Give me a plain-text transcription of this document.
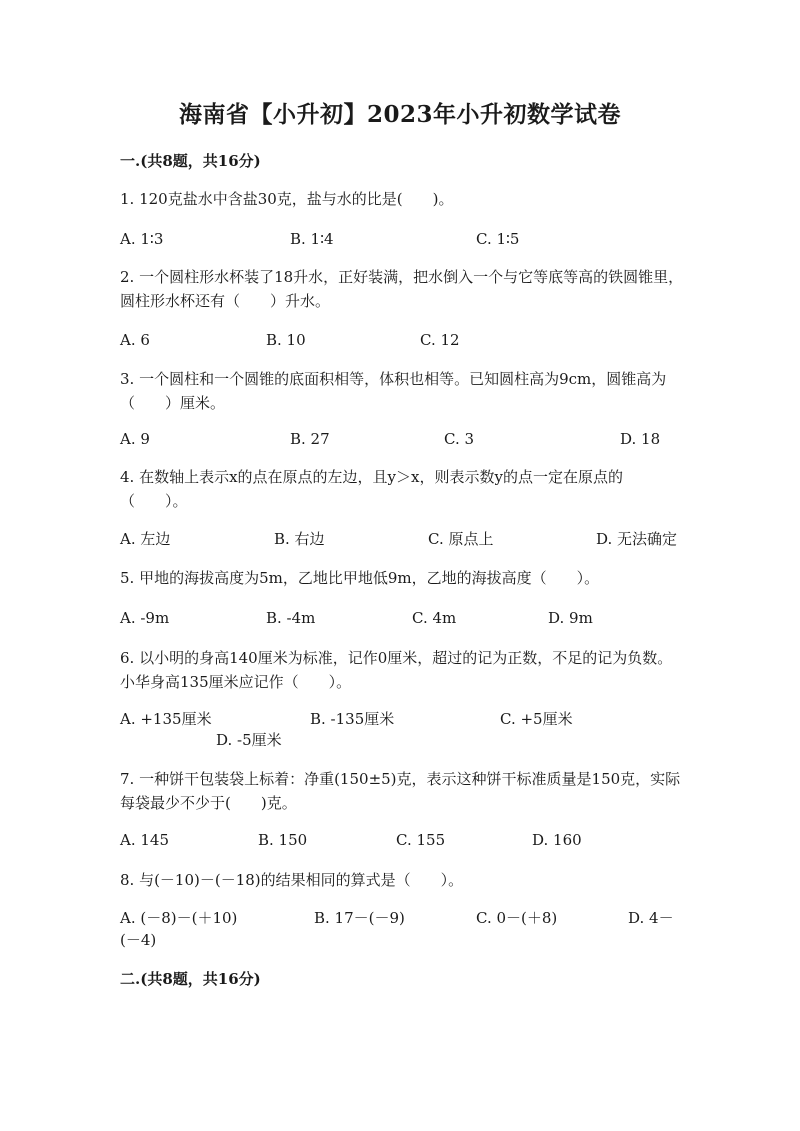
海南省【小升初】2023年小升初数学试卷
一.(共8题，共16分)
1. 120克盐水中含盐30克，盐与水的比是(　　)。
A. 1∶3	B. 1∶4	C. 1∶5
2. 一个圆柱形水杯装了18升水，正好装满，把水倒入一个与它等底等高的铁圆锥里，圆柱形水杯还有（　　）升水。
A. 6	B. 10	C. 12
3. 一个圆柱和一个圆锥的底面积相等，体积也相等。已知圆柱高为9cm，圆锥高为（　　）厘米。
A. 9	B. 27	C. 3	D. 18
4. 在数轴上表示x的点在原点的左边，且y＞x，则表示数y的点一定在原点的（　　）。
A. 左边	B. 右边	C. 原点上	D. 无法确定
5. 甲地的海拔高度为5m，乙地比甲地低9m，乙地的海拔高度（　　）。
A. -9m	B. -4m	C. 4m	D. 9m
6. 以小明的身高140厘米为标准，记作0厘米，超过的记为正数，不足的记为负数。小华身高135厘米应记作（　　）。
A. +135厘米	B. -135厘米	C. +5厘米
D. -5厘米
7. 一种饼干包装袋上标着：净重(150±5)克，表示这种饼干标准质量是150克，实际每袋最少不少于(　　)克。
A. 145	B. 150	C. 155	D. 160
8. 与(－10)－(－18)的结果相同的算式是（　　）。
A. (－8)－(＋10)	B. 17－(－9)	C. 0－(＋8)	D. 4－(－4)
二.(共8题，共16分)
